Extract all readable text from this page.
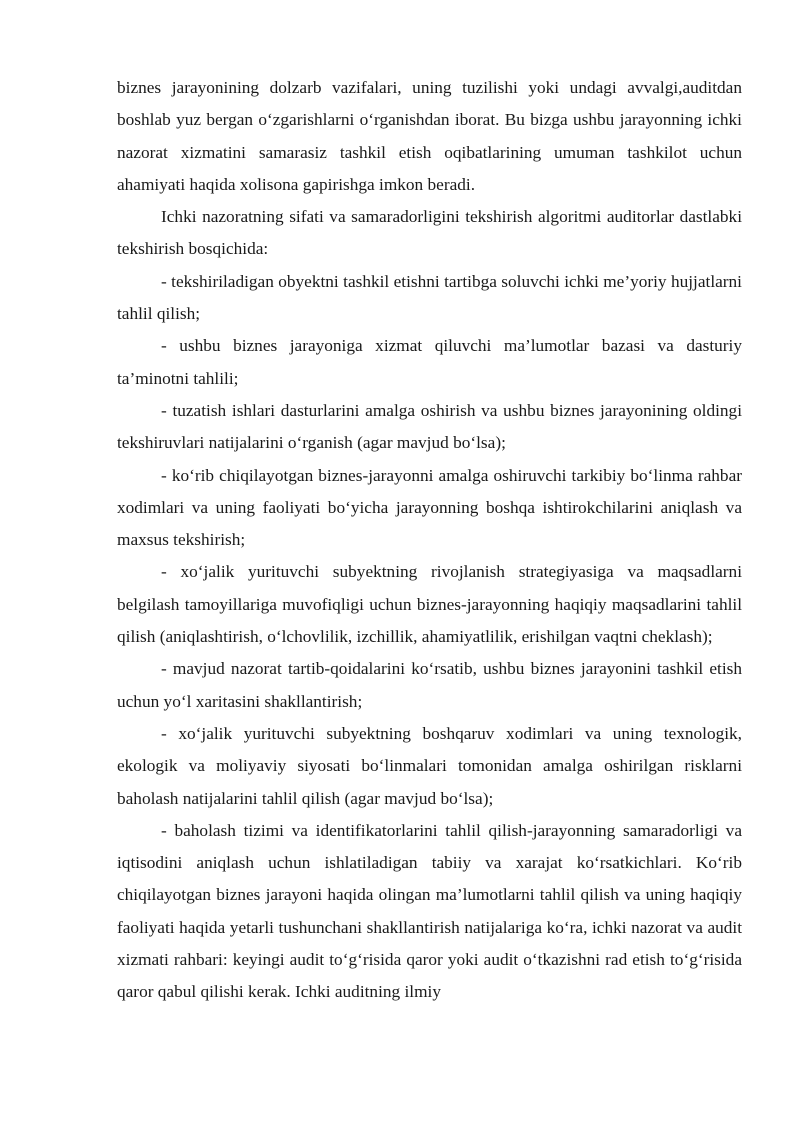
biznes jarayonining dolzarb vazifalari, uning tuzilishi yoki undagi avvalgi,auditdan boshlab yuz bergan o‘zgarishlarni o‘rganishdan iborat. Bu bizga ushbu jarayonning ichki nazorat xizmatini samarasiz tashkil etish oqibatlarining umuman tashkilot uchun ahamiyati haqida xolisona gapirishga imkon beradi.

Ichki nazoratning sifati va samaradorligini tekshirish algoritmi auditorlar dastlabki tekshirish bosqichida:

- tekshiriladigan obyektni tashkil etishni tartibga soluvchi ichki me’yoriy hujjatlarni tahlil qilish;

- ushbu biznes jarayoniga xizmat qiluvchi ma’lumotlar bazasi va dasturiy ta’minotni tahlili;

- tuzatish ishlari dasturlarini amalga oshirish va ushbu biznes jarayonining oldingi tekshiruvlari natijalarini o‘rganish (agar mavjud bo‘lsa);

- ko‘rib chiqilayotgan biznes-jarayonni amalga oshiruvchi tarkibiy bo‘linma rahbar xodimlari va uning faoliyati bo‘yicha jarayonning boshqa ishtirokchilarini aniqlash va maxsus tekshirish;

- xo‘jalik yurituvchi subyektning rivojlanish strategiyasiga va maqsadlarni belgilash tamoyillariga muvofiqligi uchun biznes-jarayonning haqiqiy maqsadlarini tahlil qilish (aniqlashtirish, o‘lchovlilik, izchillik, ahamiyatlilik, erishilgan vaqtni cheklash);

- mavjud nazorat tartib-qoidalarini ko‘rsatib, ushbu biznes jarayonini tashkil etish uchun yo‘l xaritasini shakllantirish;

- xo‘jalik yurituvchi subyektning boshqaruv xodimlari va uning texnologik, ekologik va moliyaviy siyosati bo‘linmalari tomonidan amalga oshirilgan risklarni baholash natijalarini tahlil qilish (agar mavjud bo‘lsa);

- baholash tizimi va identifikatorlarini tahlil qilish-jarayonning samaradorligi va iqtisodini aniqlash uchun ishlatiladigan tabiiy va xarajat ko‘rsatkichlari. Ko‘rib chiqilayotgan biznes jarayoni haqida olingan ma’lumotlarni tahlil qilish va uning haqiqiy faoliyati haqida yetarli tushunchani shakllantirish natijalariga ko‘ra, ichki nazorat va audit xizmati rahbari: keyingi audit to‘g‘risida qaror yoki audit o‘tkazishni rad etish to‘g‘risida qaror qabul qilishi kerak. Ichki auditning ilmiy
